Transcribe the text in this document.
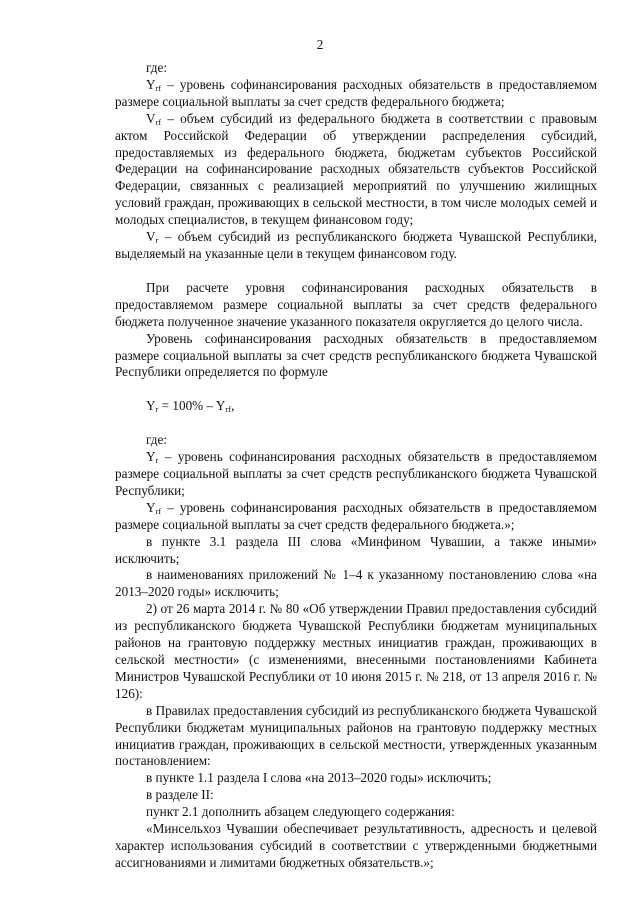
2

где:

$Y_{rf}$ – уровень софинансирования расходных обязательств в предоставляемом размере социальной выплаты за счет средств федерального бюджета;

$V_{rf}$ – объем субсидий из федерального бюджета в соответствии с правовым актом Российской Федерации об утверждении распределения субсидий, предоставляемых из федерального бюджета, бюджетам субъектов Российской Федерации на софинансирование расходных обязательств субъектов Российской Федерации, связанных с реализацией мероприятий по улучшению жилищных условий граждан, проживающих в сельской местности, в том числе молодых семей и молодых специалистов, в текущем финансовом году;

$V_r$ – объем субсидий из республиканского бюджета Чувашской Республики, выделяемый на указанные цели в текущем финансовом году.

При расчете уровня софинансирования расходных обязательств в предоставляемом размере социальной выплаты за счет средств федерального бюджета полученное значение указанного показателя округляется до целого числа.

Уровень софинансирования расходных обязательств в предоставляемом размере социальной выплаты за счет средств республиканского бюджета Чувашской Республики определяется по формуле

$Y_r = 100\% - Y_{rf}$,

где:

$Y_r$ – уровень софинансирования расходных обязательств в предоставляемом размере социальной выплаты за счет средств республиканского бюджета Чувашской Республики;

$Y_{rf}$ – уровень софинансирования расходных обязательств в предоставляемом размере социальной выплаты за счет средств федерального бюджета.»;

в пункте 3.1 раздела III слова «Минфином Чувашии, а также иными» исключить;

в наименованиях приложений № 1–4 к указанному постановлению слова «на 2013–2020 годы» исключить;

2) от 26 марта 2014 г. № 80 «Об утверждении Правил предоставления субсидий из республиканского бюджета Чувашской Республики бюджетам муниципальных районов на грантовую поддержку местных инициатив граждан, проживающих в сельской местности» (с изменениями, внесенными постановлениями Кабинета Министров Чувашской Республики от 10 июня 2015 г. № 218, от 13 апреля 2016 г. № 126):

в Правилах предоставления субсидий из республиканского бюджета Чувашской Республики бюджетам муниципальных районов на грантовую поддержку местных инициатив граждан, проживающих в сельской местности, утвержденных указанным постановлением:

в пункте 1.1 раздела I слова «на 2013–2020 годы» исключить;

в разделе II:

пункт 2.1 дополнить абзацем следующего содержания:

«Минсельхоз Чувашии обеспечивает результативность, адресность и целевой характер использования субсидий в соответствии с утвержденными бюджетными ассигнованиями и лимитами бюджетных обязательств.»;
